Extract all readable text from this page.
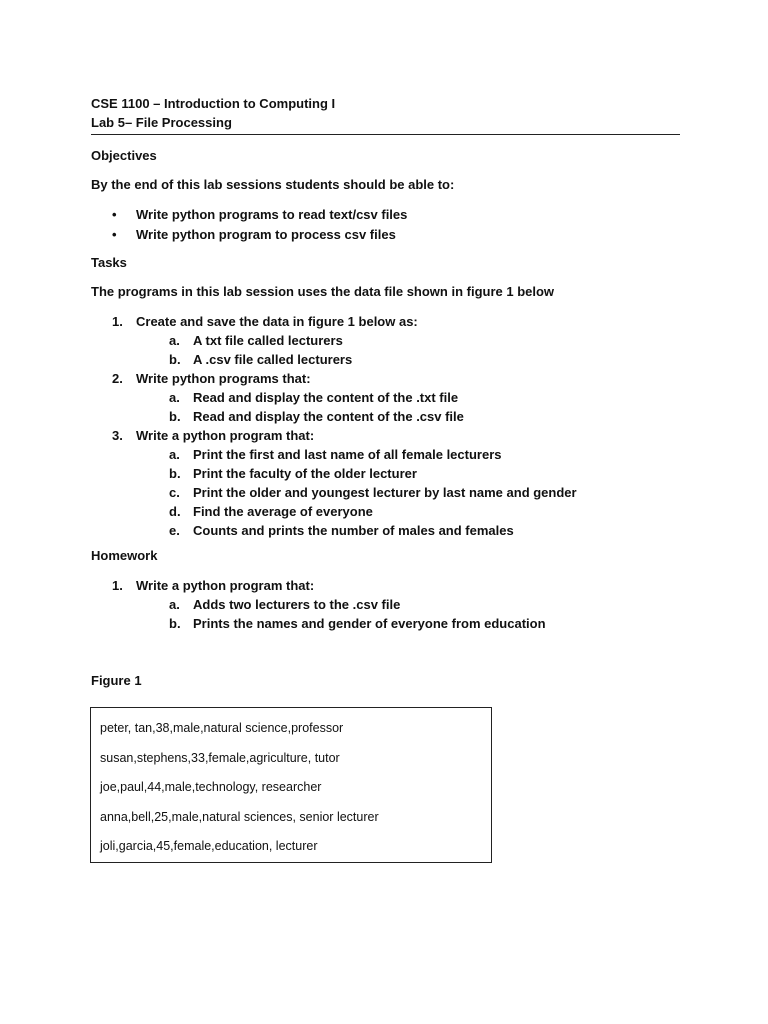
CSE 1100 – Introduction to Computing I
Lab 5– File Processing
Objectives
By the end of this lab sessions students should be able to:
• Write python programs to read text/csv files
• Write python program to process csv files
Tasks
The programs in this lab session uses the data file shown in figure 1 below
1. Create and save the data in figure 1 below as:
a. A txt file called lecturers
b. A .csv file called lecturers
2. Write python programs that:
a. Read and display the content of the .txt file
b. Read and display the content of the .csv file
3. Write a python program that:
a. Print the first and last name of all female lecturers
b. Print the faculty of the older lecturer
c. Print the older and youngest lecturer by last name and gender
d. Find the average of everyone
e. Counts and prints the number of males and females
Homework
1. Write a python program that:
a. Adds two lecturers to the .csv file
b. Prints the names and gender of everyone from education
Figure 1
peter, tan,38,male,natural science,professor
susan,stephens,33,female,agriculture, tutor
joe,paul,44,male,technology, researcher
anna,bell,25,male,natural sciences, senior lecturer
joli,garcia,45,female,education, lecturer
